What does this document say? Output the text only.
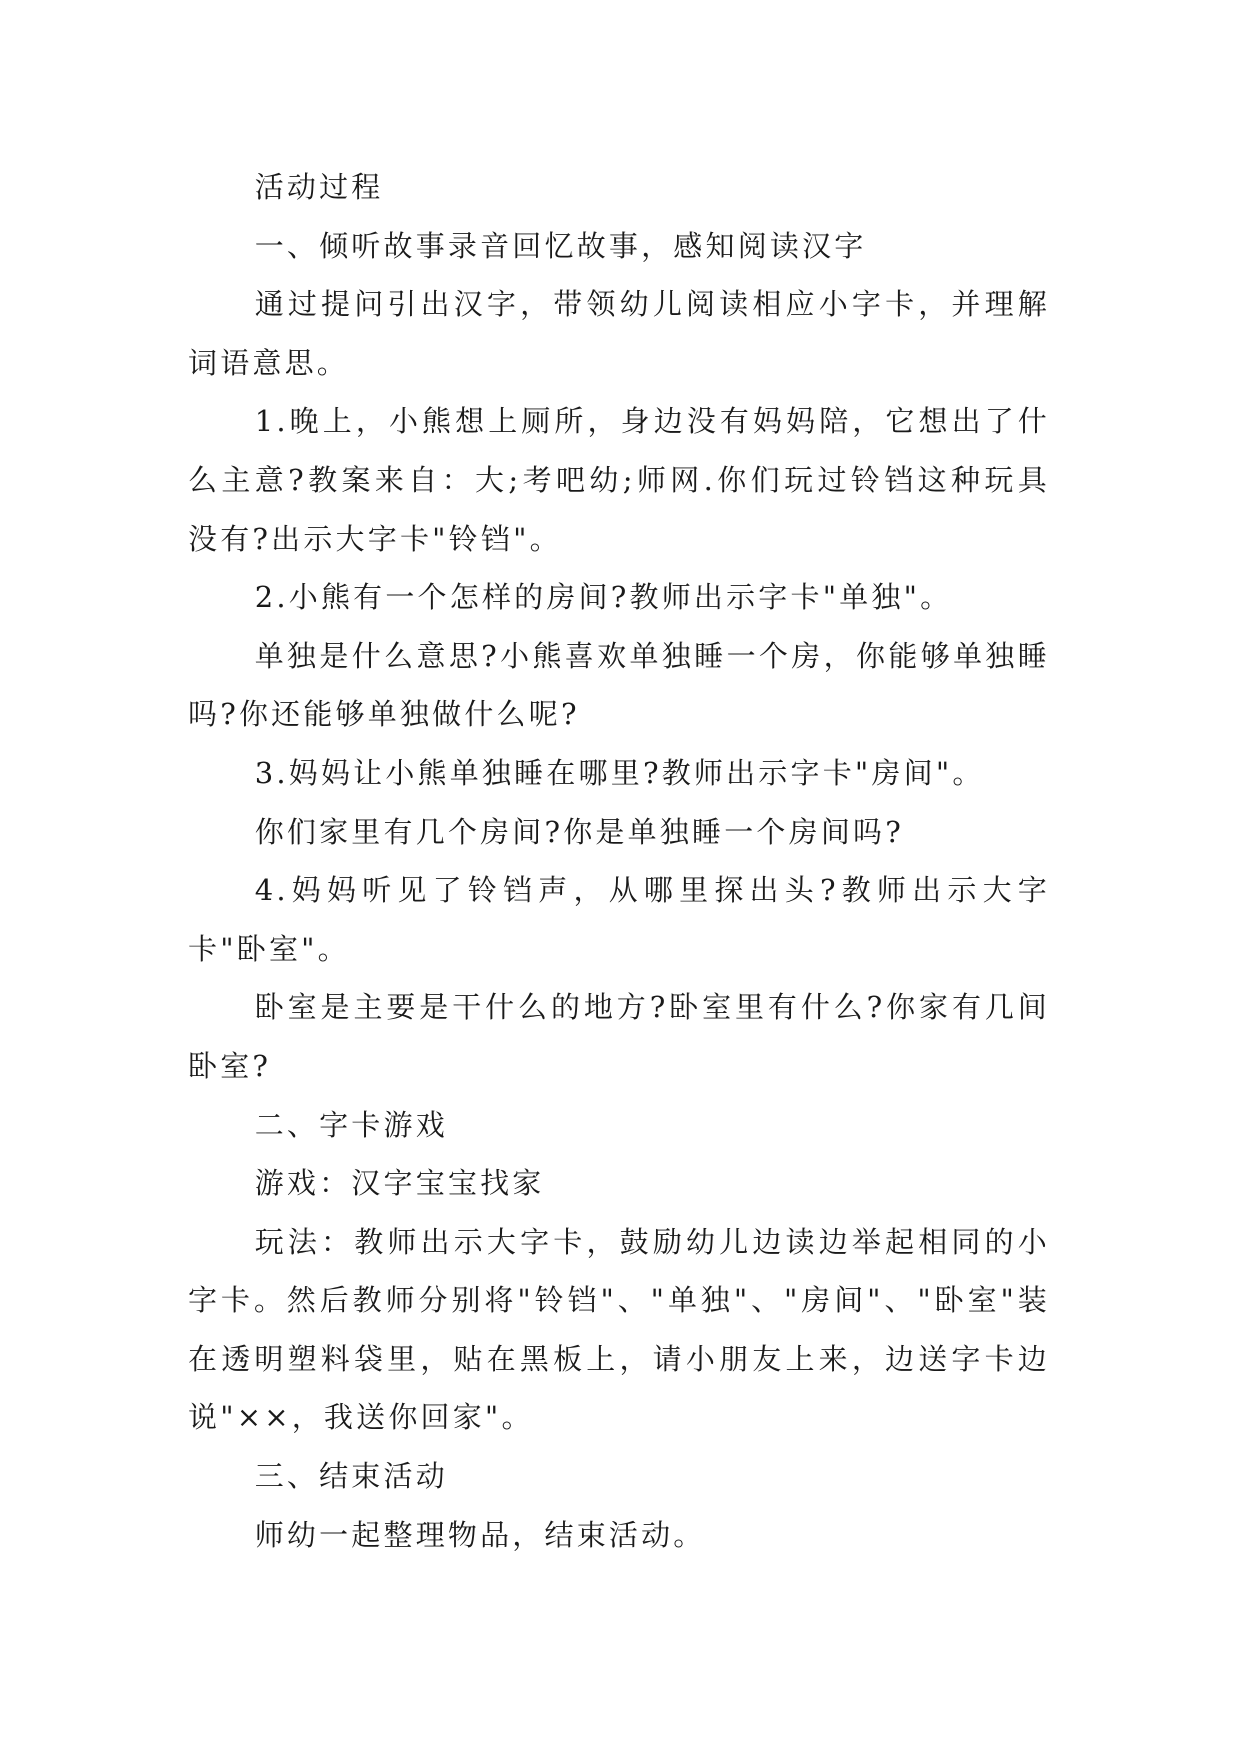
活动过程

一、倾听故事录音回忆故事，感知阅读汉字

通过提问引出汉字，带领幼儿阅读相应小字卡，并理解词语意思。

1.晚上，小熊想上厕所，身边没有妈妈陪，它想出了什么主意?教案来自：大;考吧幼;师网.你们玩过铃铛这种玩具没有?出示大字卡"铃铛"。

2.小熊有一个怎样的房间?教师出示字卡"单独"。

单独是什么意思?小熊喜欢单独睡一个房，你能够单独睡吗?你还能够单独做什么呢?

3.妈妈让小熊单独睡在哪里?教师出示字卡"房间"。

你们家里有几个房间?你是单独睡一个房间吗?

4.妈妈听见了铃铛声，从哪里探出头?教师出示大字卡"卧室"。

卧室是主要是干什么的地方?卧室里有什么?你家有几间卧室?

二、字卡游戏

游戏：汉字宝宝找家

玩法：教师出示大字卡，鼓励幼儿边读边举起相同的小字卡。然后教师分别将"铃铛"、"单独"、"房间"、"卧室"装在透明塑料袋里，贴在黑板上，请小朋友上来，边送字卡边说"××，我送你回家"。

三、结束活动

师幼一起整理物品，结束活动。
